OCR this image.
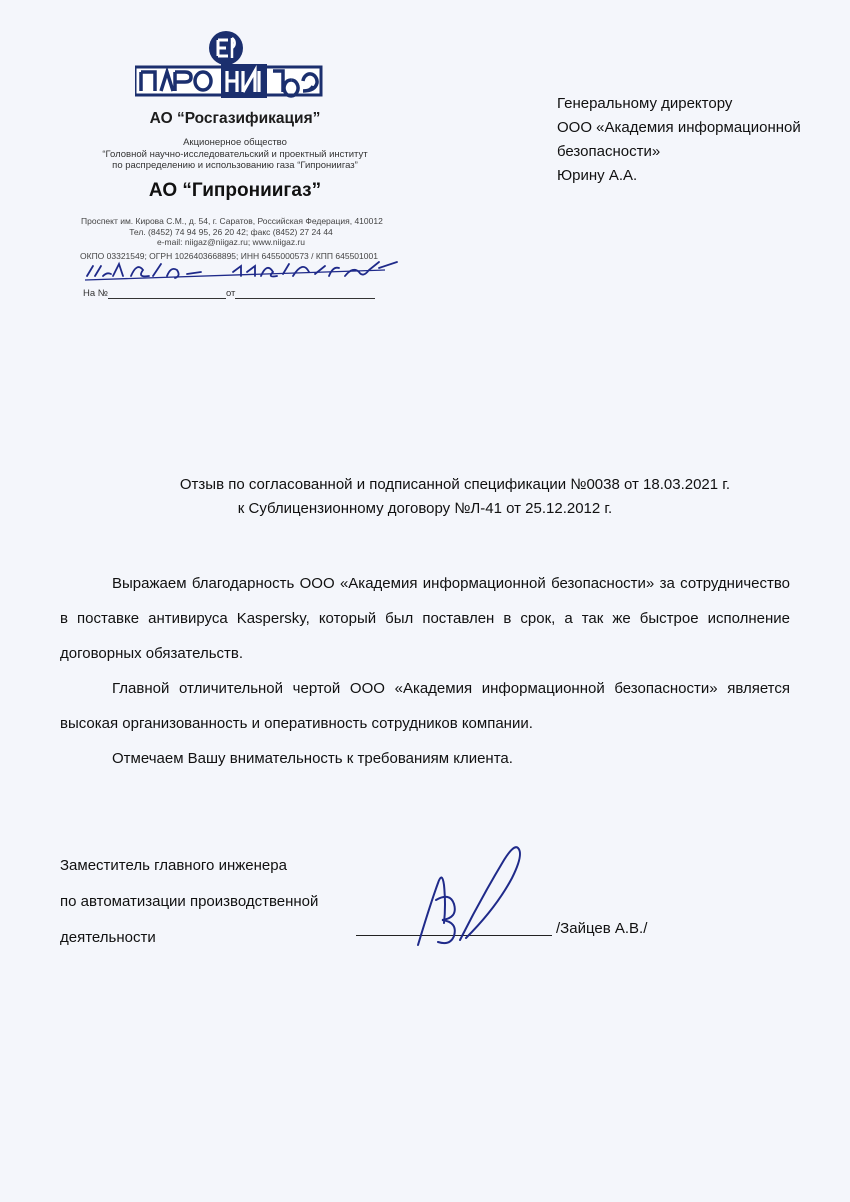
АО “Росгазификация”
Акционерное общество
“Головной научно-исследовательский и проектный институт
по распределению и использованию газа “Гипрониигаз”
АО “Гипрониигаз”
Проспект им. Кирова С.М., д. 54, г. Саратов, Российская Федерация, 410012
Тел. (8452) 74 94 95, 26 20 42; факс (8452) 27 24 44
e-mail: niigaz@niigaz.ru; www.niigaz.ru
ОКПО 03321549; ОГРН 1026403668895; ИНН 6455000573 / КПП 645501001
На №	от
Генеральному директору
ООО «Академия информационной
безопасности»
Юрину А.А.
Отзыв по согласованной и подписанной спецификации №0038 от 18.03.2021 г.
к Сублицензионному договору №Л-41 от 25.12.2012 г.

Выражаем благодарность ООО «Академия информационной безопасности» за сотрудничество в поставке антивируса Kaspersky, который был поставлен в срок, а так же быстрое исполнение договорных обязательств.

Главной отличительной чертой ООО «Академия информационной безопасности» является высокая организованность и оперативность сотрудников компании.

Отмечаем Вашу внимательность к требованиям клиента.

Заместитель главного инженера
по автоматизации производственной
деятельности
/Зайцев А.В./
